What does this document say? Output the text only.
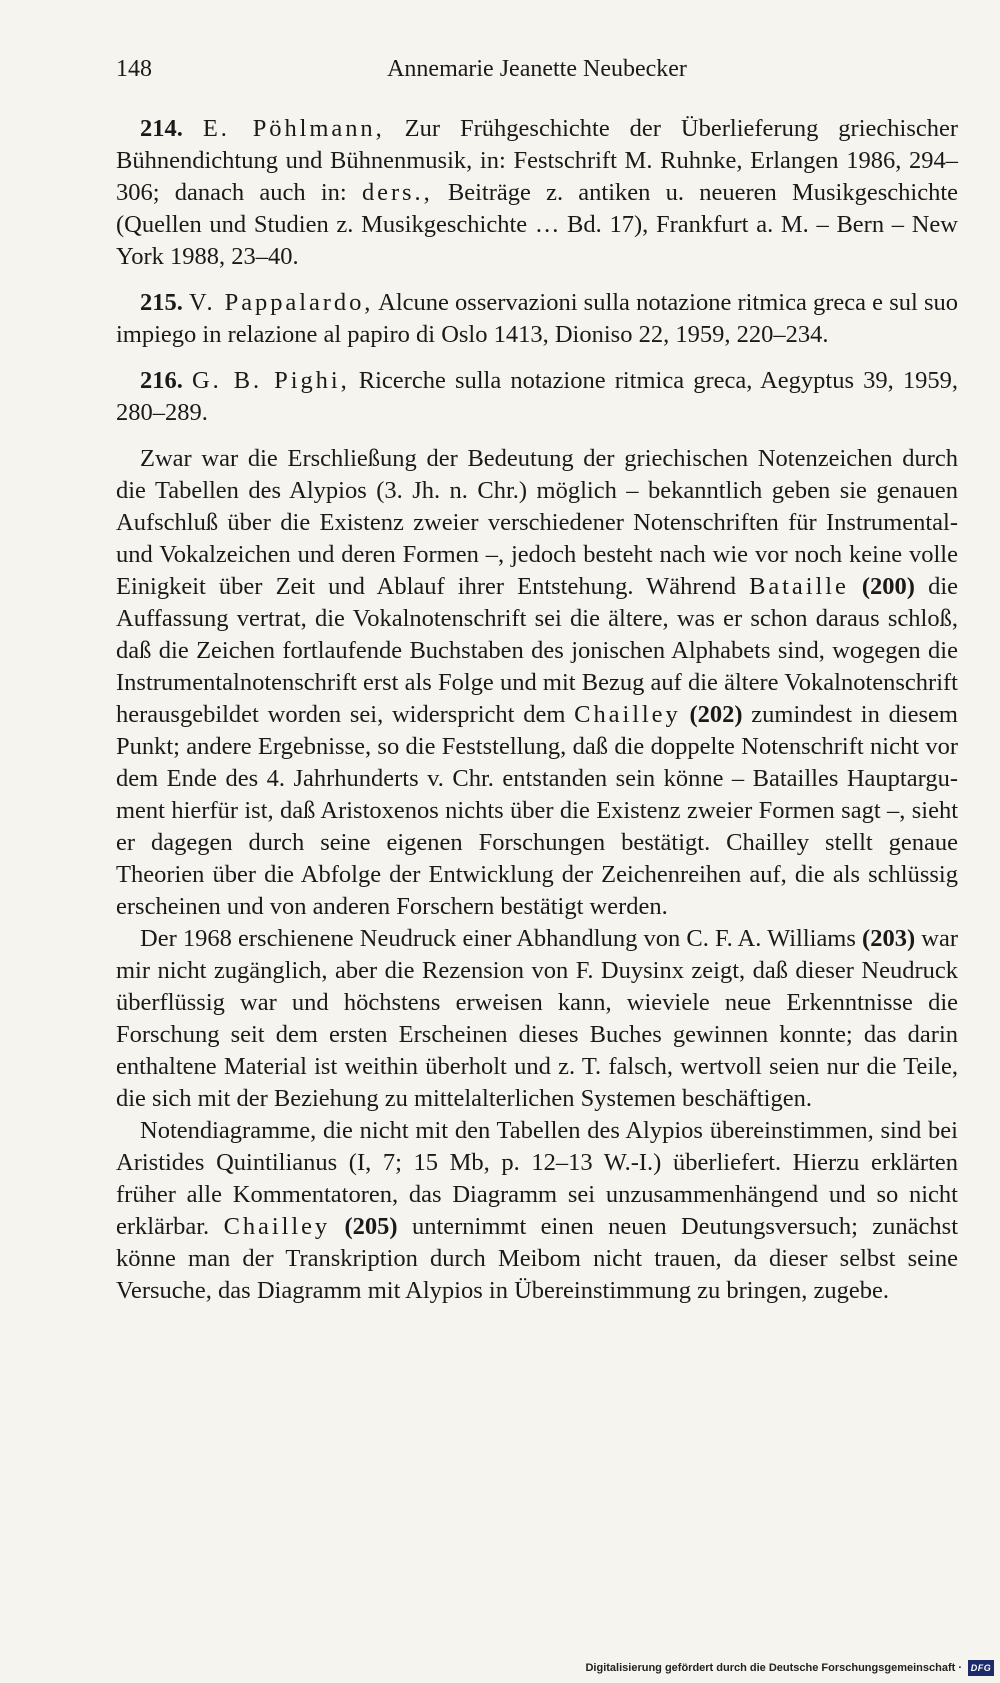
148	Annemarie Jeanette Neubecker

214. E. Pöhlmann, Zur Frühgeschichte der Überlieferung griechischer Bühnendichtung und Bühnenmusik, in: Festschrift M. Ruhnke, Erlangen 1986, 294–306; danach auch in: ders., Beiträge z. antiken u. neueren Musikgeschichte (Quellen und Studien z. Musikgeschichte … Bd. 17), Frankfurt a. M. – Bern – New York 1988, 23–40.

215. V. Pappalardo, Alcune osservazioni sulla notazione ritmica greca e sul suo impiego in relazione al papiro di Oslo 1413, Dioniso 22, 1959, 220–234.

216. G. B. Pighi, Ricerche sulla notazione ritmica greca, Aegyptus 39, 1959, 280–289.

Zwar war die Erschließung der Bedeutung der griechischen Notenzeichen durch die Tabellen des Alypios (3. Jh. n. Chr.) möglich – bekanntlich geben sie genauen Aufschluß über die Existenz zweier verschiedener Notenschriften für Instrumental- und Vokalzeichen und deren Formen –, jedoch besteht nach wie vor noch keine volle Einigkeit über Zeit und Ablauf ihrer Entstehung. Während Bataille (200) die Auffassung vertrat, die Vokalnotenschrift sei die ältere, was er schon daraus schloß, daß die Zeichen fortlaufende Buchstaben des jonischen Alphabets sind, wogegen die Instrumentalnotenschrift erst als Folge und mit Bezug auf die ältere Vokalnotenschrift herausgebildet worden sei, widerspricht dem Chailley (202) zumindest in diesem Punkt; andere Ergebnisse, so die Feststellung, daß die doppelte Notenschrift nicht vor dem Ende des 4. Jahrhunderts v. Chr. entstanden sein könne – Batailles Hauptargument hierfür ist, daß Aristoxenos nichts über die Existenz zweier Formen sagt –, sieht er dagegen durch seine eigenen Forschungen bestätigt. Chailley stellt genaue Theorien über die Abfolge der Entwicklung der Zeichenreihen auf, die als schlüssig erscheinen und von anderen Forschern bestätigt werden.

Der 1968 erschienene Neudruck einer Abhandlung von C. F. A. Williams (203) war mir nicht zugänglich, aber die Rezension von F. Duysinx zeigt, daß dieser Neudruck überflüssig war und höchstens erweisen kann, wieviele neue Erkenntnisse die Forschung seit dem ersten Erscheinen dieses Buches gewinnen konnte; das darin enthaltene Material ist weithin überholt und z. T. falsch, wertvoll seien nur die Teile, die sich mit der Beziehung zu mittelalterlichen Systemen beschäftigen.

Notendiagramme, die nicht mit den Tabellen des Alypios übereinstimmen, sind bei Aristides Quintilianus (I, 7; 15 Mb, p. 12–13 W.-I.) überliefert. Hierzu erklärten früher alle Kommentatoren, das Diagramm sei unzusammenhängend und so nicht erklärbar. Chailley (205) unternimmt einen neuen Deutungsversuch; zunächst könne man der Transkription durch Meibom nicht trauen, da dieser selbst seine Versuche, das Diagramm mit Alypios in Übereinstimmung zu bringen, zugebe.

Digitalisierung gefördert durch die Deutsche Forschungsgemeinschaft · DFG
